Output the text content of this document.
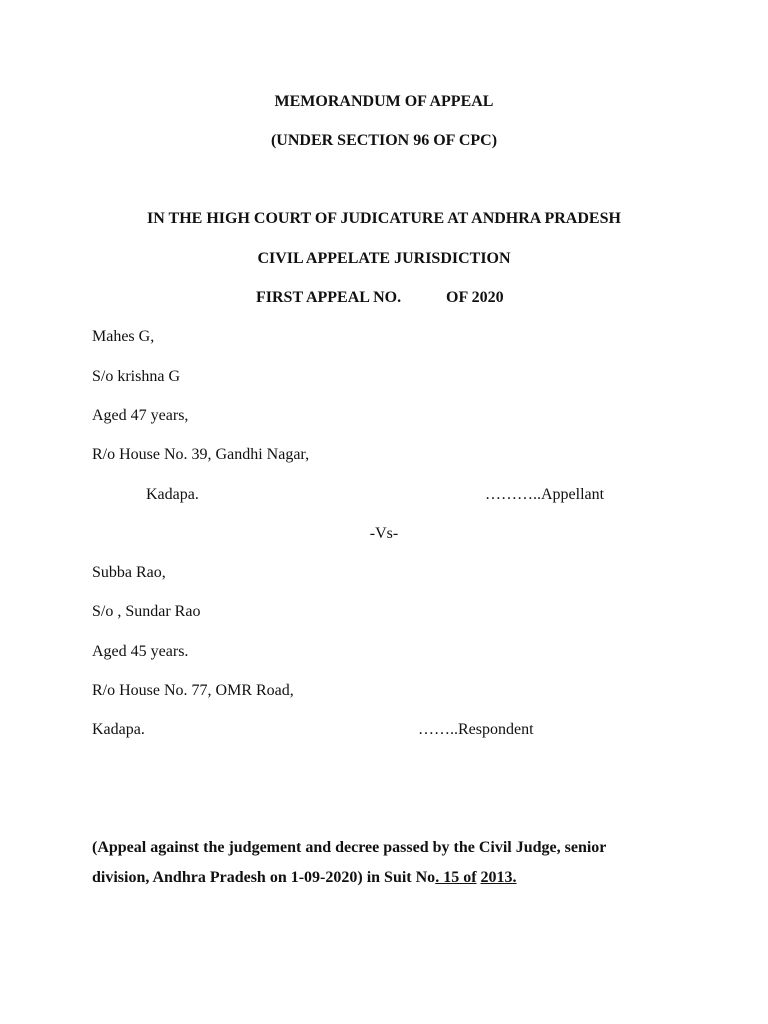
MEMORANDUM OF APPEAL
(UNDER SECTION 96 OF CPC)
IN THE HIGH COURT OF JUDICATURE AT ANDHRA PRADESH
CIVIL APPELATE JURISDICTION
FIRST APPEAL NO.	OF 2020
Mahes G,
S/o krishna G
Aged 47 years,
R/o House No. 39, Gandhi Nagar,
Kadapa.	………..Appellant
-Vs-
Subba Rao,
S/o , Sundar Rao
Aged 45 years.
R/o House No. 77, OMR Road,
Kadapa.	……..Respondent
(Appeal against the judgement and decree passed by the Civil Judge, senior
division, Andhra Pradesh on 1-09-2020) in Suit No. 15 of 2013.
